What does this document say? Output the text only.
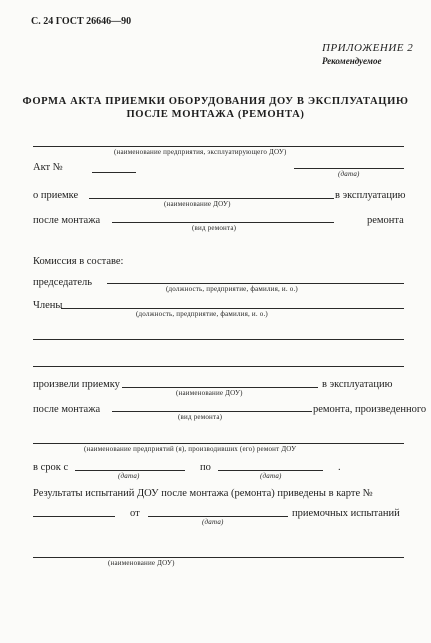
С. 24 ГОСТ 26646—90
ПРИЛОЖЕНИЕ 2
Рекомендуемое
ФОРМА АКТА ПРИЕМКИ ОБОРУДОВАНИЯ ДОУ В ЭКСПЛУАТАЦИЮ
ПОСЛЕ МОНТАЖА (РЕМОНТА)
(наименование предприятия, эксплуатирующего ДОУ)
Акт №
(дата)
о приемке
(наименование ДОУ)
в эксплуатацию
после монтажа
(вид ремонта)
ремонта
Комиссия в составе:
председатель
(должность, предприятие, фамилия, и. о.)
Члены
(должность, предприятие, фамилия, и. о.)
произвели приемку
(наименование ДОУ)
в эксплуатацию
после монтажа
(вид ремонта)
ремонта, произведенного
(наименование предприятий (я), производивших (его) ремонт ДОУ
в срок с
(дата)
по
(дата)
.
Результаты испытаний ДОУ после монтажа (ремонта) приведены в карте №
от
(дата)
приемочных испытаний
(наименование ДОУ)
